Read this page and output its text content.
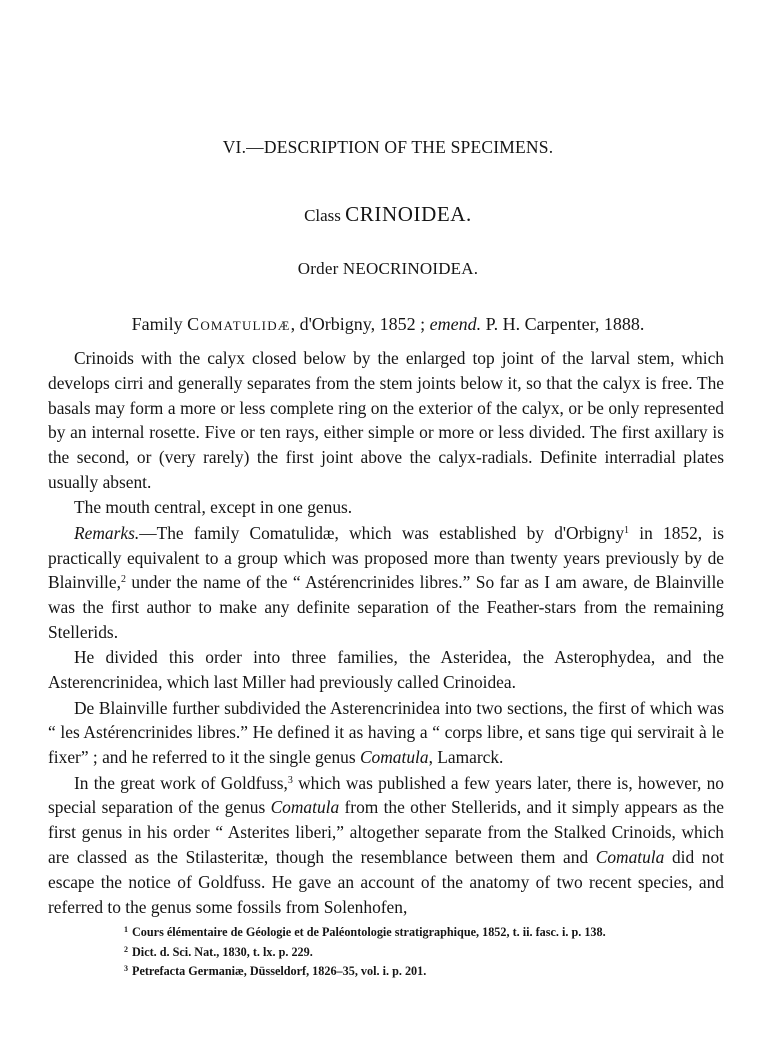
VI.—DESCRIPTION OF THE SPECIMENS.
Class CRINOIDEA.
Order NEOCRINOIDEA.
Family Comatulidæ, d'Orbigny, 1852 ; emend. P. H. Carpenter, 1888.

Crinoids with the calyx closed below by the enlarged top joint of the larval stem, which develops cirri and generally separates from the stem joints below it, so that the calyx is free. The basals may form a more or less complete ring on the exterior of the calyx, or be only represented by an internal rosette. Five or ten rays, either simple or more or less divided. The first axillary is the second, or (very rarely) the first joint above the calyx-radials. Definite interradial plates usually absent.

The mouth central, except in one genus.

Remarks.—The family Comatulidæ, which was established by d'Orbigny$^1$ in 1852, is practically equivalent to a group which was proposed more than twenty years previously by de Blainville,$^2$ under the name of the “ Astérencrinides libres.” So far as I am aware, de Blainville was the first author to make any definite separation of the Feather-stars from the remaining Stellerids.

He divided this order into three families, the Asteridea, the Asterophydea, and the Asterencrinidea, which last Miller had previously called Crinoidea.

De Blainville further subdivided the Asterencrinidea into two sections, the first of which was “ les Astérencrinides libres.” He defined it as having a “ corps libre, et sans tige qui servirait à le fixer” ; and he referred to it the single genus Comatula, Lamarck.

In the great work of Goldfuss,$^3$ which was published a few years later, there is, however, no special separation of the genus Comatula from the other Stellerids, and it simply appears as the first genus in his order “ Asterites liberi,” altogether separate from the Stalked Crinoids, which are classed as the Stilasteritæ, though the resemblance between them and Comatula did not escape the notice of Goldfuss. He gave an account of the anatomy of two recent species, and referred to the genus some fossils from Solenhofen,

$^1$ Cours élémentaire de Géologie et de Paléontologie stratigraphique, 1852, t. ii. fasc. i. p. 138.

$^2$ Dict. d. Sci. Nat., 1830, t. lx. p. 229.

$^3$ Petrefacta Germaniæ, Düsseldorf, 1826–35, vol. i. p. 201.
